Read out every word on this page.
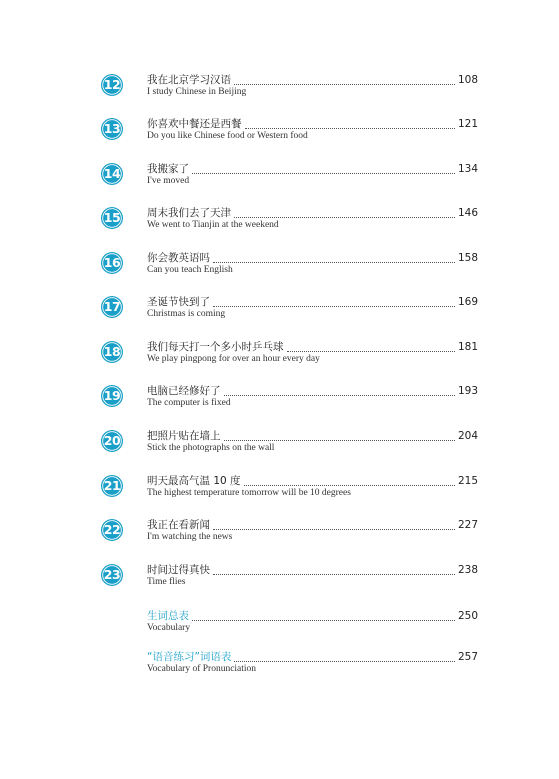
12	我在北京学习汉语	108
I study Chinese in Beijing
13	你喜欢中餐还是西餐	121
Do you like Chinese food or Western food
14	我搬家了	134
I've moved
15	周末我们去了天津	146
We went to Tianjin at the weekend
16	你会教英语吗	158
Can you teach English
17	圣诞节快到了	169
Christmas is coming
18	我们每天打一个多小时乒乓球	181
We play pingpong for over an hour every day
19	电脑已经修好了	193
The computer is fixed
20	把照片贴在墙上	204
Stick the photographs on the wall
21	明天最高气温 10 度	215
The highest temperature tomorrow will be 10 degrees
22	我正在看新闻	227
I'm watching the news
23	时间过得真快	238
Time flies
生词总表	250
Vocabulary
“语音练习”词语表	257
Vocabulary of Pronunciation
